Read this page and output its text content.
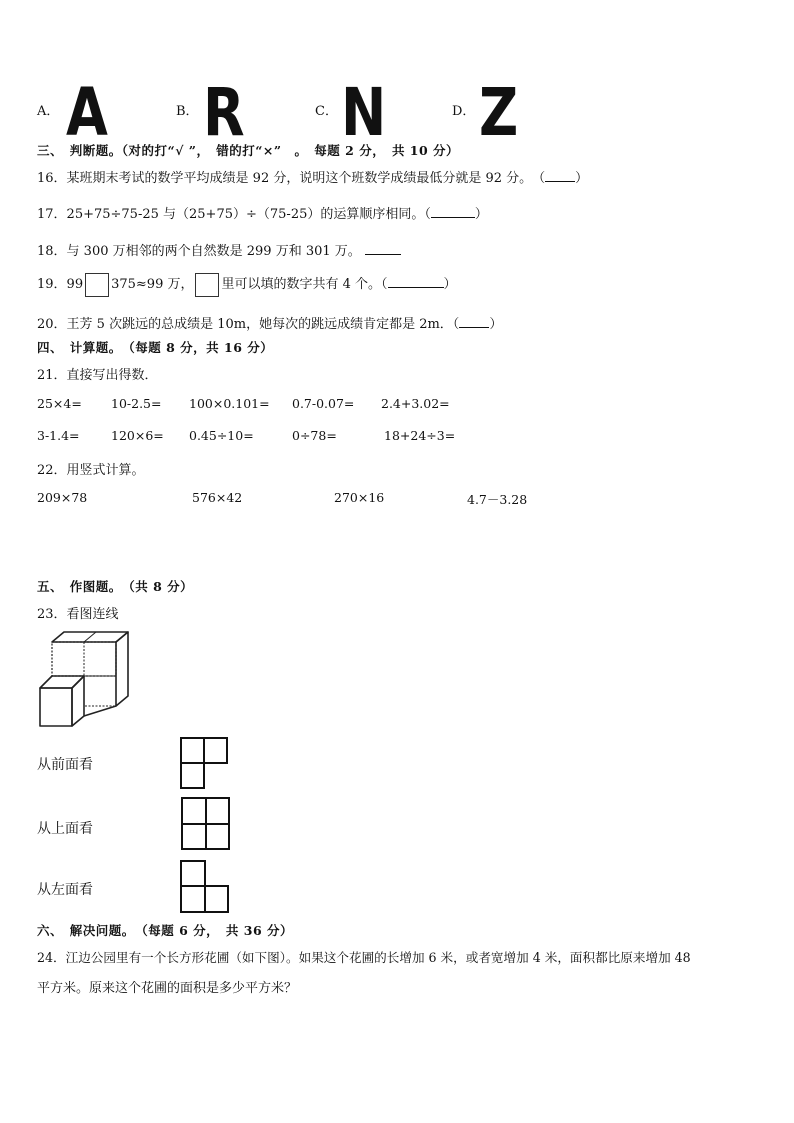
A． A	B． R	C． N	D． Z
三、　判断题。（对的打“√ ”，　错的打“×”　。　每题 2 分，　共 10 分）
16．某班期末考试的数学平均成绩是 92 分，说明这个班数学成绩最低分就是 92 分。　（ ）
17．25+75÷75-25 与（25+75）÷（75-25）的运算顺序相同。（	）
18．与 300 万相邻的两个自然数是 299 万和 301 万。
19．99 375≈99 万， 里可以填的数字共有 4 个。（	）
20．王芳 5 次跳远的总成绩是 10m，她每次的跳远成绩肯定都是 2m．（ ）
四、　计算题。　（每题 8 分，共 16 分）
21．直接写出得数．
25×4= 10-2.5= 100×0.101= 0.7-0.07= 2.4+3.02=
3-1.4=	120×6= 0.45÷10=	0÷78=	18+24÷3=
22．用竖式计算。
209×78	576×42	270×16	4.7－3.28
五、　作图题。　（共 8 分）
23．看图连线
从前面看
从上面看
从左面看
六、　解决问题。　（每题 6 分，　共 36 分）
24．江边公园里有一个长方形花圃（如下图）。如果这个花圃的长增加 6 米，或者宽增加 4 米，面积都比原来增加 48
平方米。原来这个花圃的面积是多少平方米？
